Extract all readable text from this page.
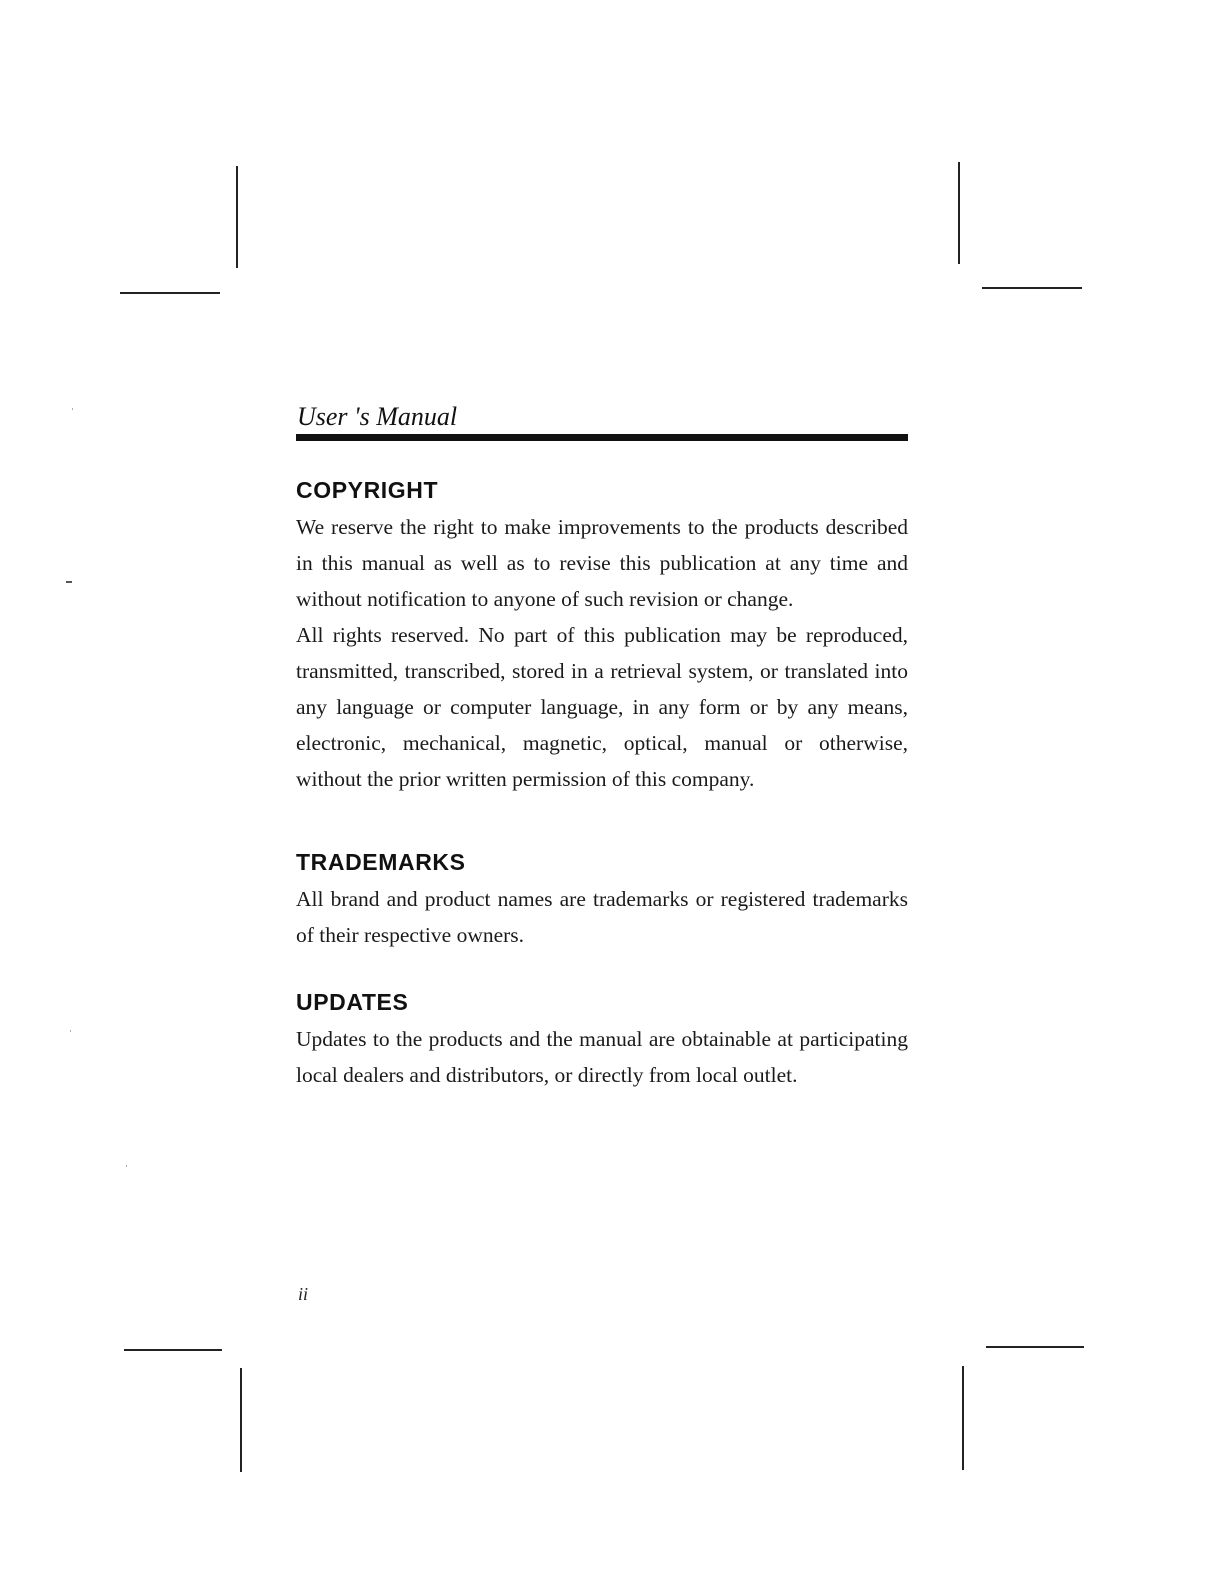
User 's Manual
COPYRIGHT

We reserve the right to make improvements to the products described in this manual as well as to revise this publication at any time and without notification to anyone of such revision or change.

All rights reserved. No part of this publication may be reproduced, transmitted, transcribed, stored in a retrieval system, or translated into any language or computer language, in any form or by any means, electronic, mechanical, magnetic, optical, manual or otherwise, without the prior written permission of this company.

TRADEMARKS

All brand and product names are trademarks or registered trademarks of their respective owners.

UPDATES

Updates to the products and the manual are obtainable at participating local dealers and distributors, or directly from local outlet.

ii
